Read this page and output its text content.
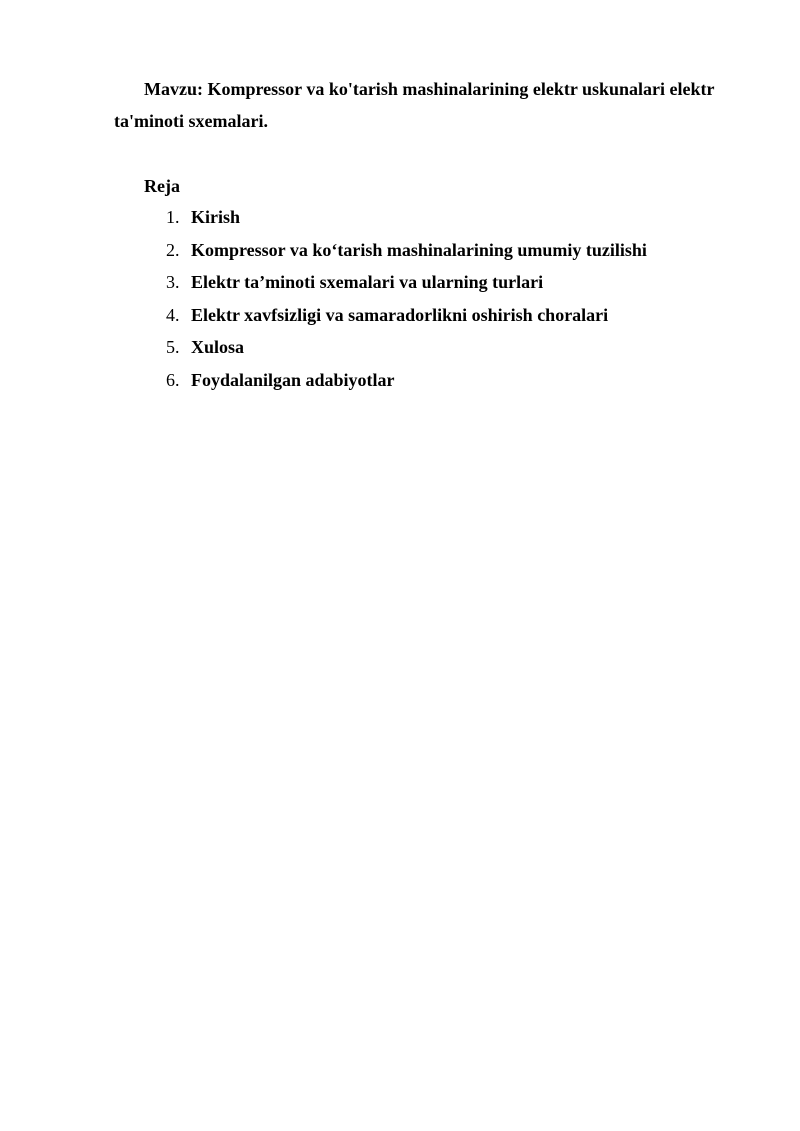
Mavzu: Kompressor va ko'tarish mashinalarining elektr uskunalari elektr ta'minoti sxemalari.

Reja

1. Kirish
2. Kompressor va ko‘tarish mashinalarining umumiy tuzilishi
3. Elektr ta’minoti sxemalari va ularning turlari
4. Elektr xavfsizligi va samaradorlikni oshirish choralari
5. Xulosa
6. Foydalanilgan adabiyotlar
